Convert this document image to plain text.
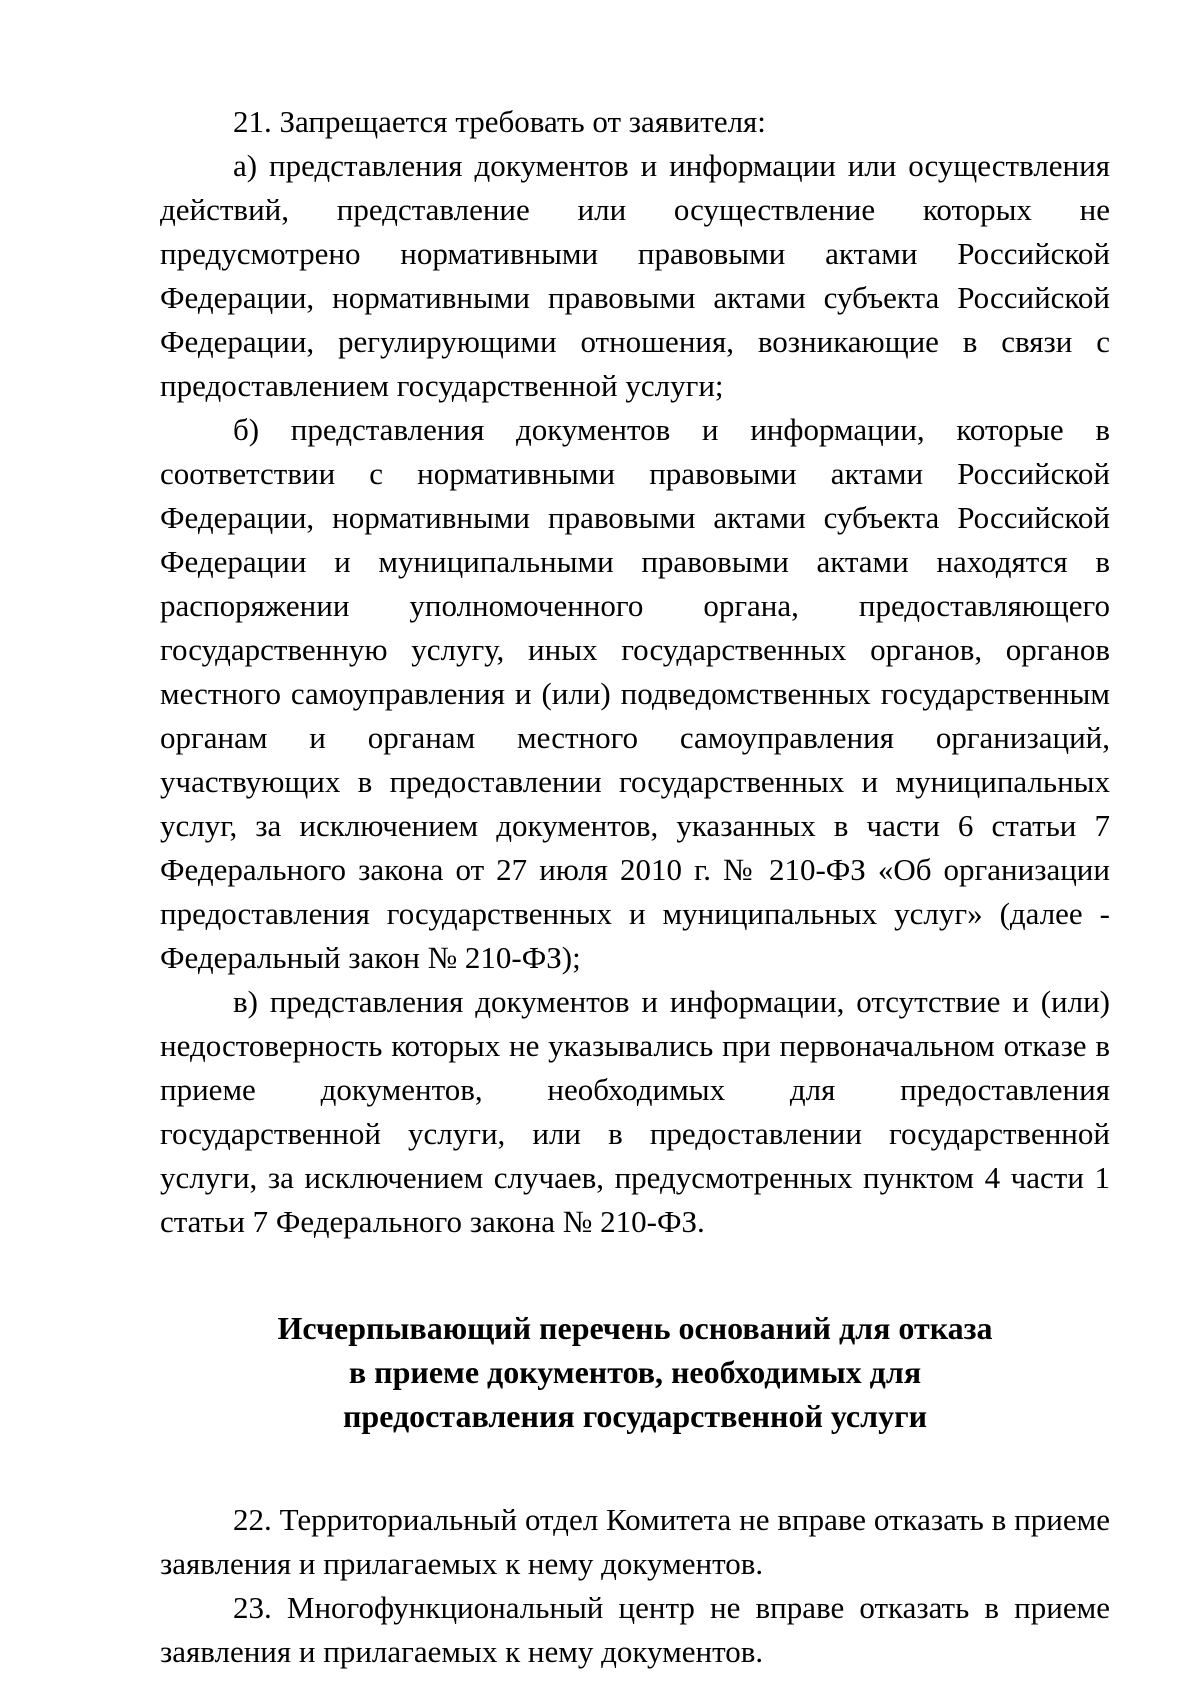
21. Запрещается требовать от заявителя:

а) представления документов и информации или осуществления действий, представление или осуществление которых не предусмотрено нормативными правовыми актами Российской Федерации, нормативными правовыми актами субъекта Российской Федерации, регулирующими отношения, возникающие в связи с предоставлением государственной услуги;

б) представления документов и информации, которые в соответствии с нормативными правовыми актами Российской Федерации, нормативными правовыми актами субъекта Российской Федерации и муниципальными правовыми актами находятся в распоряжении уполномоченного органа, предоставляющего государственную услугу, иных государственных органов, органов местного самоуправления и (или) подведомственных государственным органам и органам местного самоуправления организаций, участвующих в предоставлении государственных и муниципальных услуг, за исключением документов, указанных в части 6 статьи 7 Федерального закона от 27 июля 2010 г. № 210-ФЗ «Об организации предоставления государственных и муниципальных услуг» (далее - Федеральный закон № 210-ФЗ);

в) представления документов и информации, отсутствие и (или) недостоверность которых не указывались при первоначальном отказе в приеме документов, необходимых для предоставления государственной услуги, или в предоставлении государственной услуги, за исключением случаев, предусмотренных пунктом 4 части 1 статьи 7 Федерального закона № 210-ФЗ.

Исчерпывающий перечень оснований для отказа
в приеме документов, необходимых для
предоставления государственной услуги

22. Территориальный отдел Комитета не вправе отказать в приеме заявления и прилагаемых к нему документов.

23. Многофункциональный центр не вправе отказать в приеме заявления и прилагаемых к нему документов.
